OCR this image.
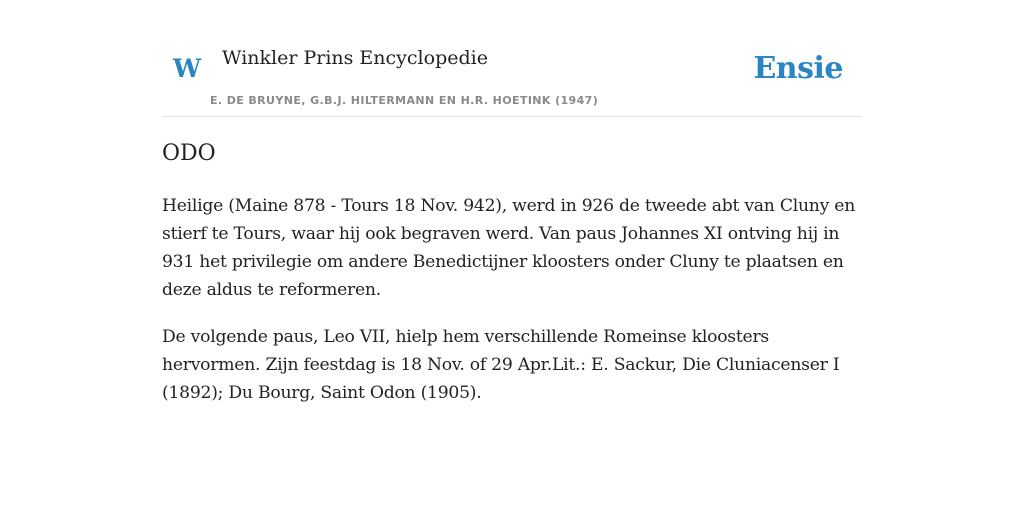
W Winkler Prins Encyclopedie
E. DE BRUYNE, G.B.J. HILTERMANN EN H.R. HOETINK (1947)
Ensie
ODO

Heilige (Maine 878 - Tours 18 Nov. 942), werd in 926 de tweede abt van Cluny en stierf te Tours, waar hij ook begraven werd. Van paus Johannes XI ontving hij in 931 het privilegie om andere Benedictijner kloosters onder Cluny te plaatsen en deze aldus te reformeren.

De volgende paus, Leo VII, hielp hem verschillende Romeinse kloosters hervormen. Zijn feestdag is 18 Nov. of 29 Apr.Lit.: E. Sackur, Die Cluniacenser I (1892); Du Bourg, Saint Odon (1905).
